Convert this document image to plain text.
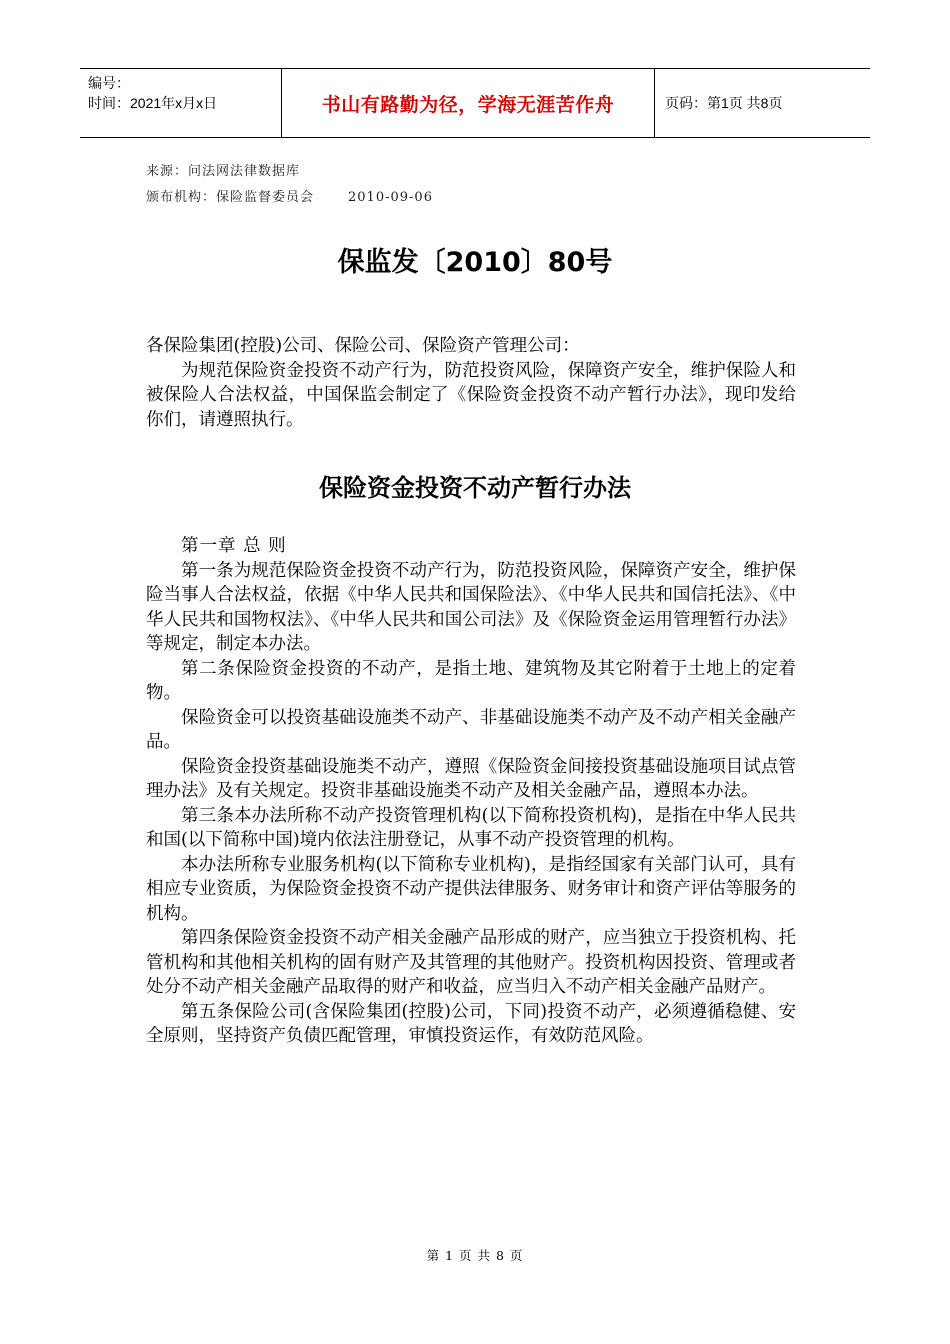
编号：
时间：2021年x月x日	书山有路勤为径，学海无涯苦作舟	页码：第1页 共8页
来源：问法网法律数据库
颁布机构：保险监督委员会	2010-09-06
保监发〔2010〕80号

各保险集团(控股)公司、保险公司、保险资产管理公司：

为规范保险资金投资不动产行为，防范投资风险，保障资产安全，维护保险人和被保险人合法权益，中国保监会制定了《保险资金投资不动产暂行办法》，现印发给你们，请遵照执行。

保险资金投资不动产暂行办法

第一章 总 则

第一条为规范保险资金投资不动产行为，防范投资风险，保障资产安全，维护保险当事人合法权益，依据《中华人民共和国保险法》、《中华人民共和国信托法》、《中华人民共和国物权法》、《中华人民共和国公司法》及《保险资金运用管理暂行办法》等规定，制定本办法。

第二条保险资金投资的不动产，是指土地、建筑物及其它附着于土地上的定着物。

保险资金可以投资基础设施类不动产、非基础设施类不动产及不动产相关金融产品。

保险资金投资基础设施类不动产，遵照《保险资金间接投资基础设施项目试点管理办法》及有关规定。投资非基础设施类不动产及相关金融产品，遵照本办法。

第三条本办法所称不动产投资管理机构(以下简称投资机构)，是指在中华人民共和国(以下简称中国)境内依法注册登记，从事不动产投资管理的机构。

本办法所称专业服务机构(以下简称专业机构)，是指经国家有关部门认可，具有相应专业资质，为保险资金投资不动产提供法律服务、财务审计和资产评估等服务的机构。

第四条保险资金投资不动产相关金融产品形成的财产，应当独立于投资机构、托管机构和其他相关机构的固有财产及其管理的其他财产。投资机构因投资、管理或者处分不动产相关金融产品取得的财产和收益，应当归入不动产相关金融产品财产。

第五条保险公司(含保险集团(控股)公司，下同)投资不动产，必须遵循稳健、安全原则，坚持资产负债匹配管理，审慎投资运作，有效防范风险。

第 1 页 共 8 页
